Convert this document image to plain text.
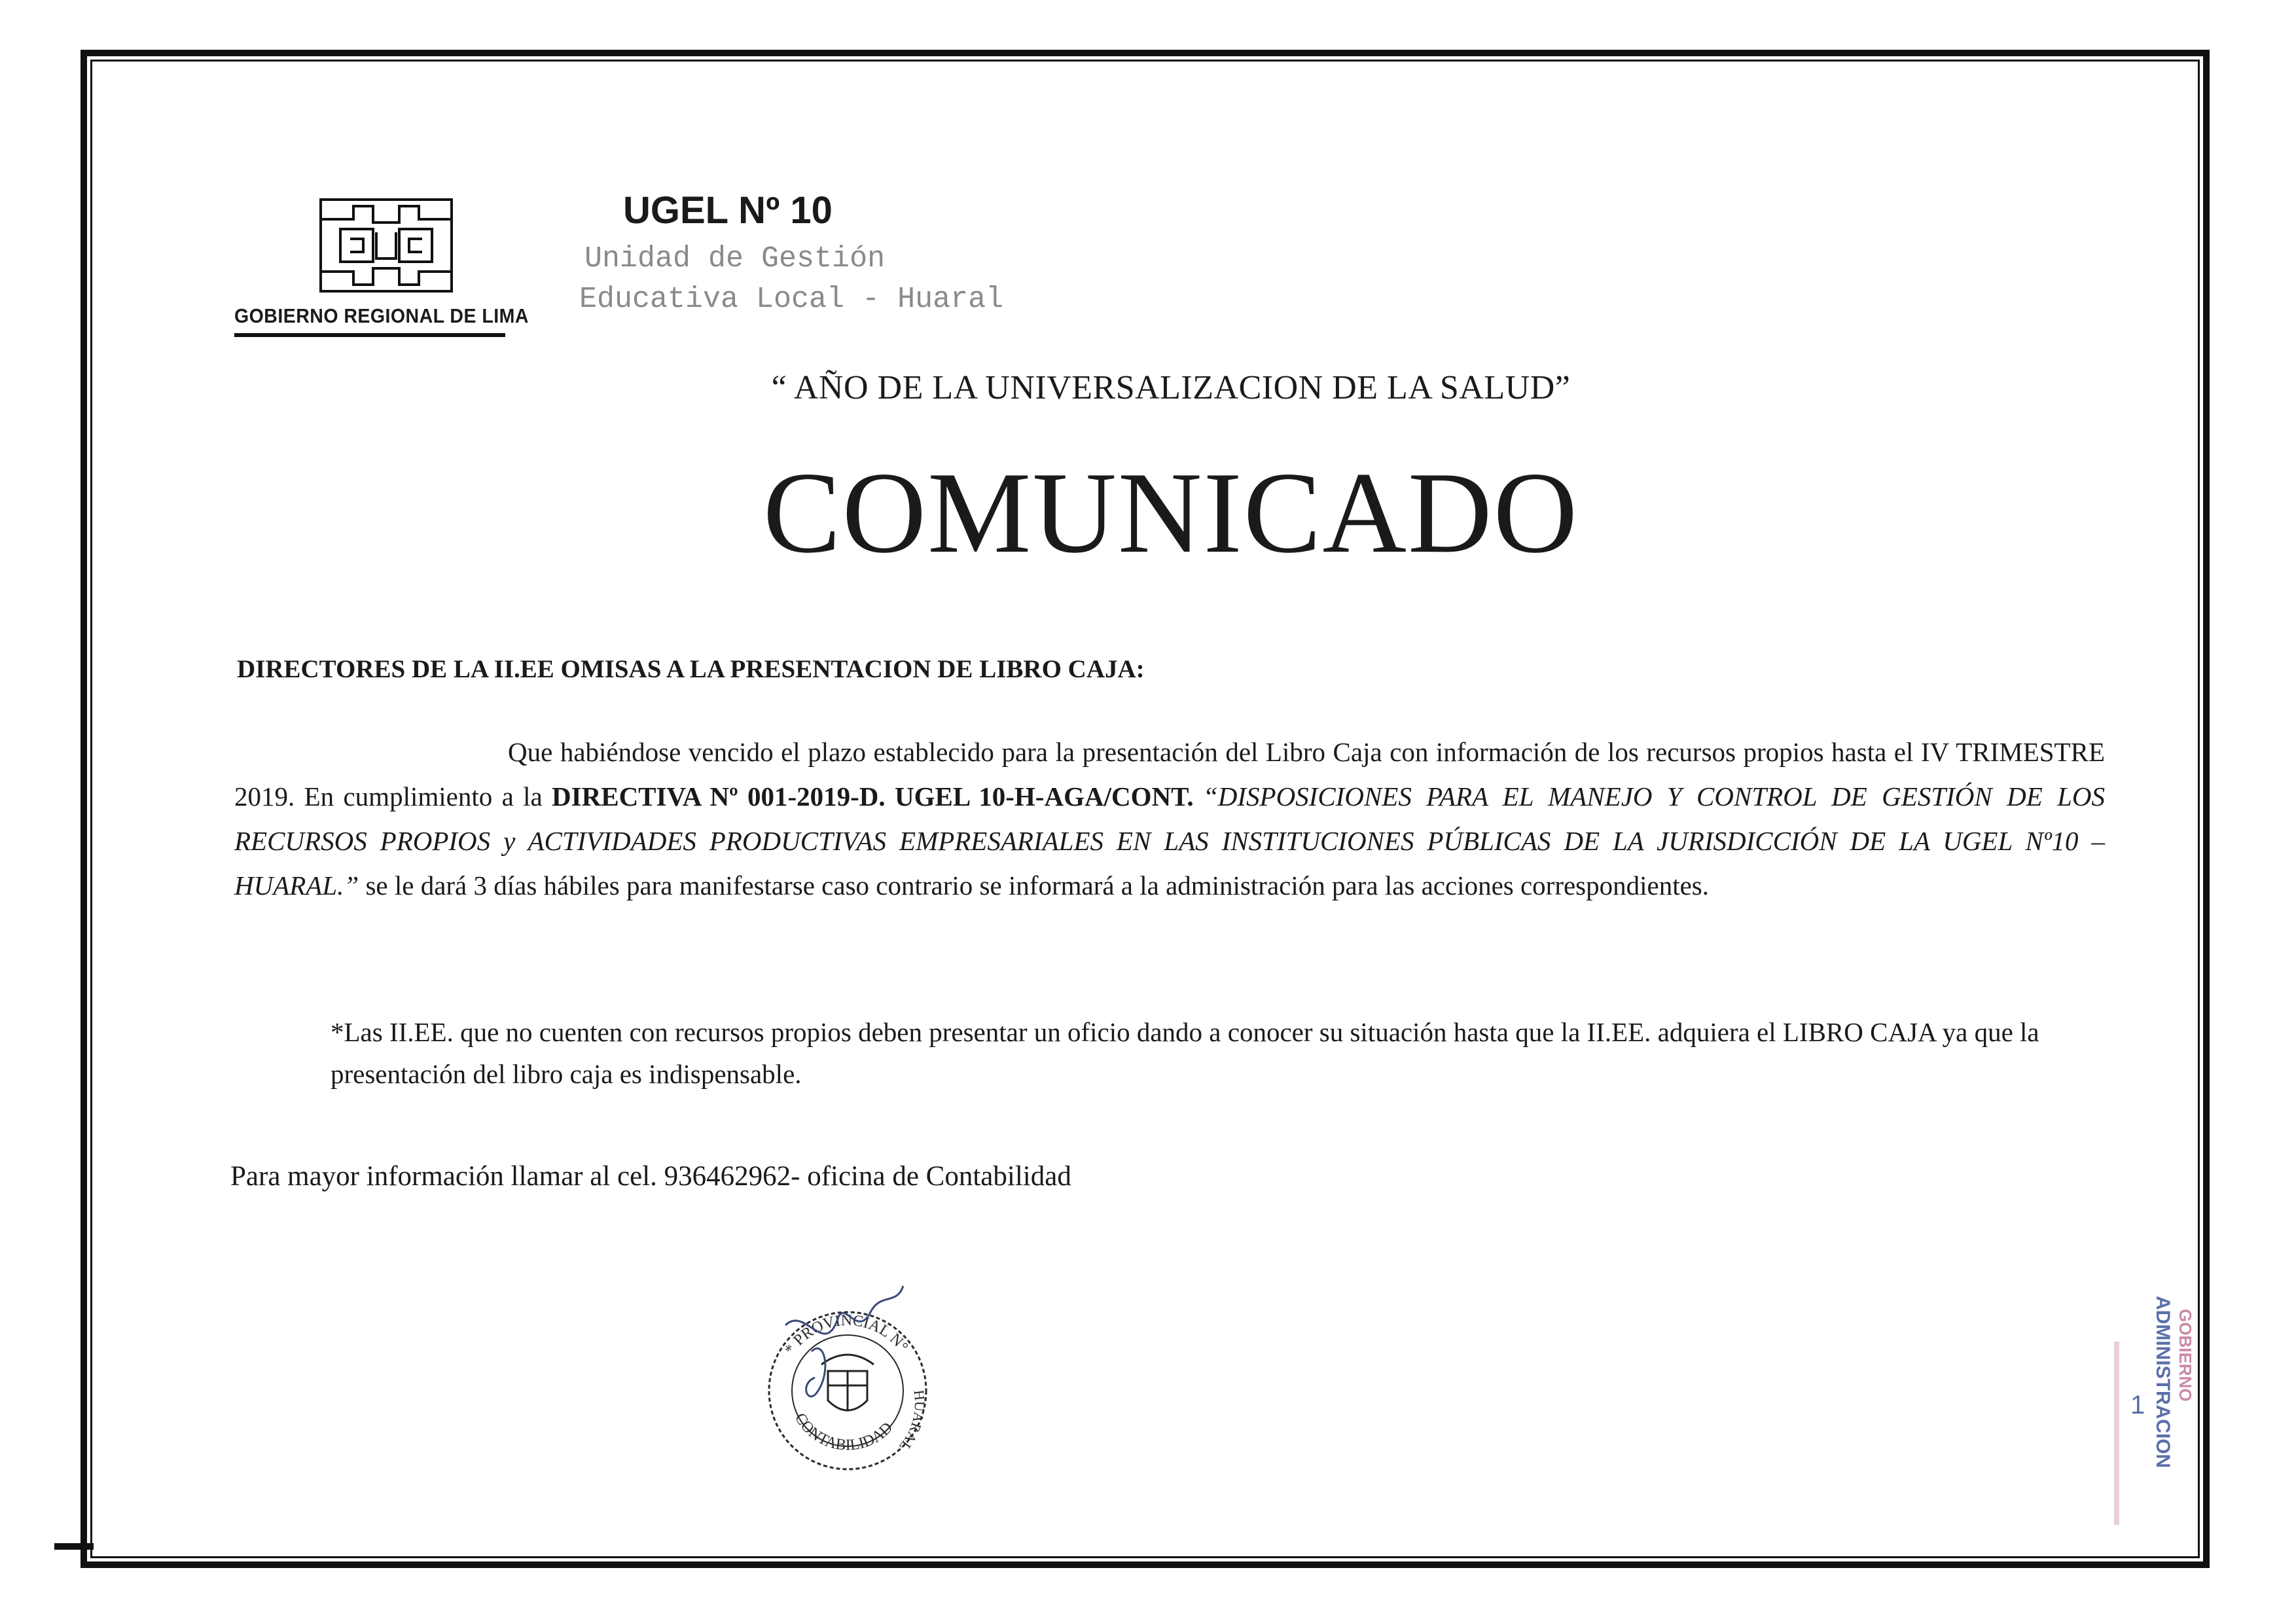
GOBIERNO REGIONAL DE LIMA
UGEL Nº 10
Unidad de Gestión
Educativa Local - Huaral
“ AÑO DE LA UNIVERSALIZACION DE LA SALUD”
COMUNICADO
DIRECTORES DE LA II.EE OMISAS A LA PRESENTACION DE LIBRO CAJA:
Que habiéndose vencido el plazo establecido para la presentación del Libro Caja con información de los recursos propios hasta el IV TRIMESTRE 2019. En cumplimiento a la DIRECTIVA Nº 001-2019-D. UGEL 10-H-AGA/CONT. “DISPOSICIONES PARA EL MANEJO Y CONTROL DE GESTIÓN DE LOS RECURSOS PROPIOS y ACTIVIDADES PRODUCTIVAS EMPRESARIALES EN LAS INSTITUCIONES PÚBLICAS DE LA JURISDICCIÓN DE LA UGEL Nº10 – HUARAL.” se le dará 3 días hábiles para manifestarse caso contrario se informará a la administración para las acciones correspondientes.
*Las II.EE. que no cuenten con recursos propios deben presentar un oficio dando a conocer su situación hasta que la II.EE. adquiera el LIBRO CAJA ya que la presentación del libro caja es indispensable.
Para mayor información llamar al cel. 936462962- oficina de Contabilidad
* PROVINCIAL N°
CONTABILIDAD
HUARAL
GOBIERNO
ADMINISTRACION
1
